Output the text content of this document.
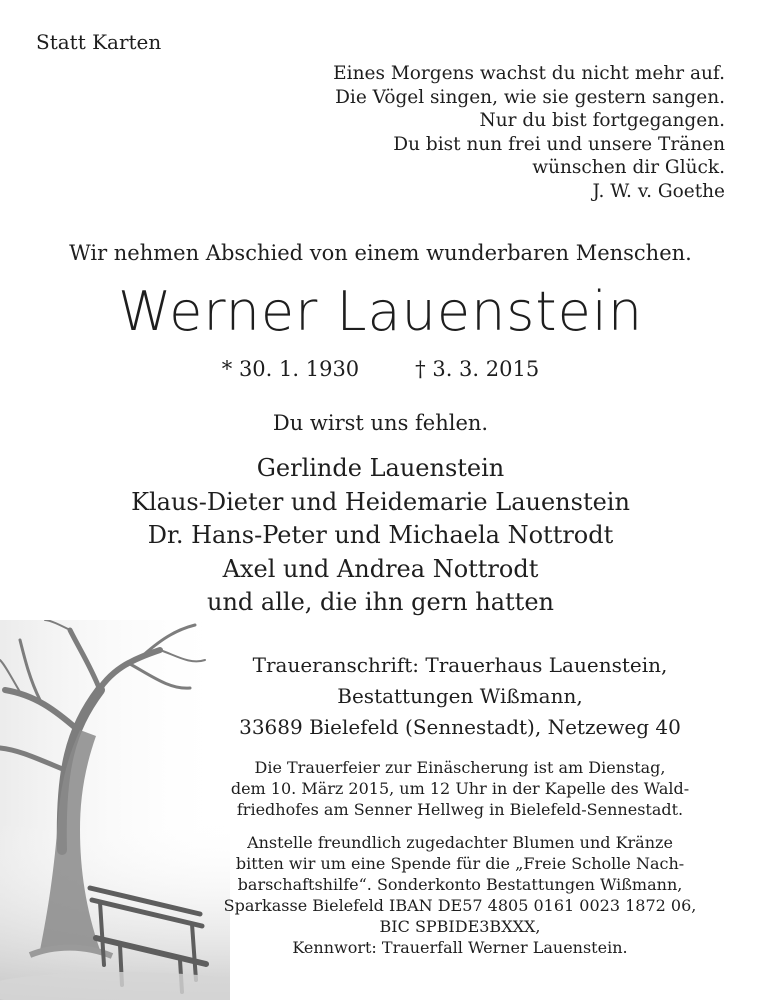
Statt Karten
Eines Morgens wachst du nicht mehr auf.
Die Vögel singen, wie sie gestern sangen.
Nur du bist fortgegangen.
Du bist nun frei und unsere Tränen
wünschen dir Glück.
J. W. v. Goethe
Wir nehmen Abschied von einem wunderbaren Menschen.
Werner Lauenstein
* 30. 1. 1930	† 3. 3. 2015
Du wirst uns fehlen.
Gerlinde Lauenstein
Klaus-Dieter und Heidemarie Lauenstein
Dr. Hans-Peter und Michaela Nottrodt
Axel und Andrea Nottrodt
und alle, die ihn gern hatten
Traueranschrift: Trauerhaus Lauenstein,
Bestattungen Wißmann,
33689 Bielefeld (Sennestadt), Netzeweg 40
Die Trauerfeier zur Einäscherung ist am Dienstag,
dem 10. März 2015, um 12 Uhr in der Kapelle des Wald-
friedhofes am Senner Hellweg in Bielefeld-Sennestadt.
Anstelle freundlich zugedachter Blumen und Kränze
bitten wir um eine Spende für die „Freie Scholle Nach-
barschaftshilfe“. Sonderkonto Bestattungen Wißmann,
Sparkasse Bielefeld IBAN DE57 4805 0161 0023 1872 06,
BIC SPBIDE3BXXX,
Kennwort: Trauerfall Werner Lauenstein.
